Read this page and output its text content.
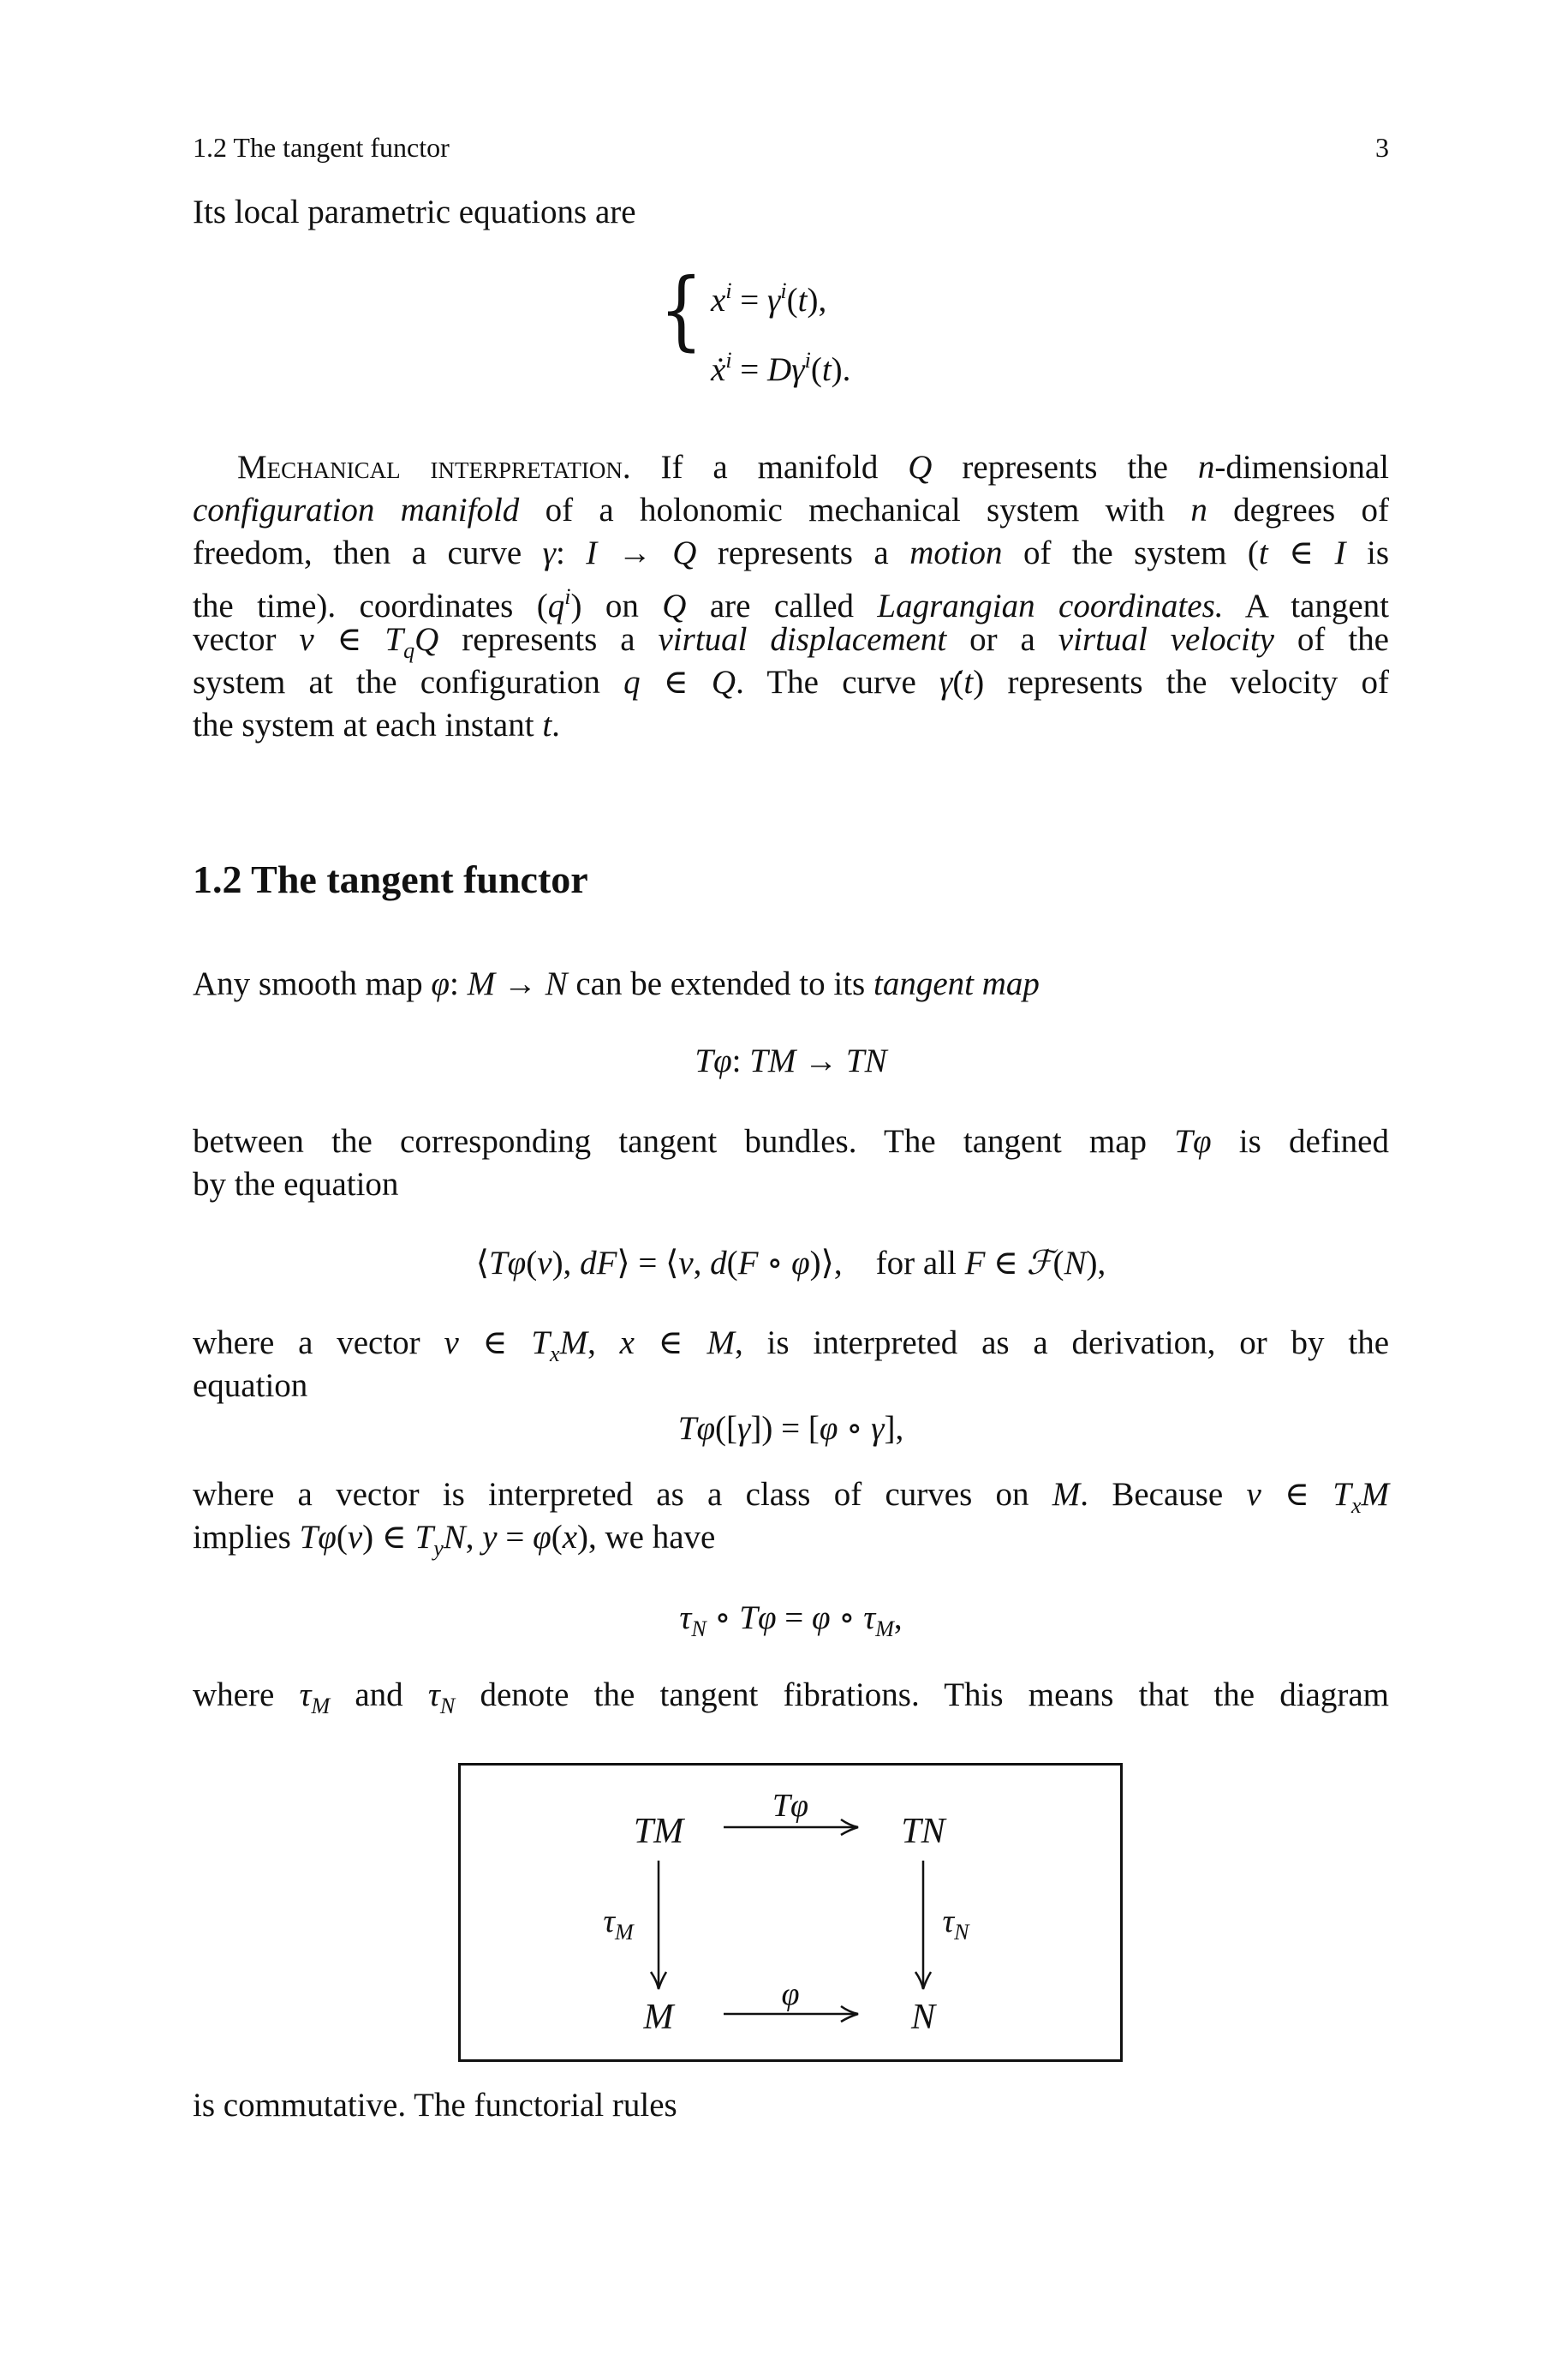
1.2 The tangent functor	3
{
Its local parametric equations are
$x^i = \gamma^i(t)$,
ẋ$^i$ = $D\gamma^i(t)$.
Mechanical interpretation. If a manifold Q represents the n-dimensional
configuration manifold of a holonomic mechanical system with n degrees of
freedom, then a curve γ: I → Q represents a motion of the system (t ∈ I is
the time). coordinates $(q^i)$ on Q are called Lagrangian coordinates. A tangent
vector v ∈ $T_qQ$ represents a virtual displacement or a virtual velocity of the
system at the configuration q ∈ Q. The curve γ̇(t) represents the velocity of
the system at each instant t.
1.2 The tangent functor
Any smooth map φ: M → N can be extended to its tangent map
Tφ: TM → TN
between the corresponding tangent bundles. The tangent map Tφ is defined
by the equation
⟨Tφ(v), dF⟩ = ⟨v, d(F ∘ φ)⟩,    for all F ∈ ℱ(N),
where a vector v ∈ $T_xM$, x ∈ M, is interpreted as a derivation, or by the
equation
Tφ([γ]) = [φ ∘ γ],
where a vector is interpreted as a class of curves on M. Because v ∈ $T_xM$
implies Tφ(v) ∈ $T_yN$, y = φ(x), we have
$\tau_N$ ∘ Tφ = φ ∘ $\tau_M$,
where $\tau_M$ and $\tau_N$ denote the tangent fibrations. This means that the diagram
is commutative. The functorial rules
TM	TN
M	N
Tφ
φ
$\tau_M$	$\tau_N$
